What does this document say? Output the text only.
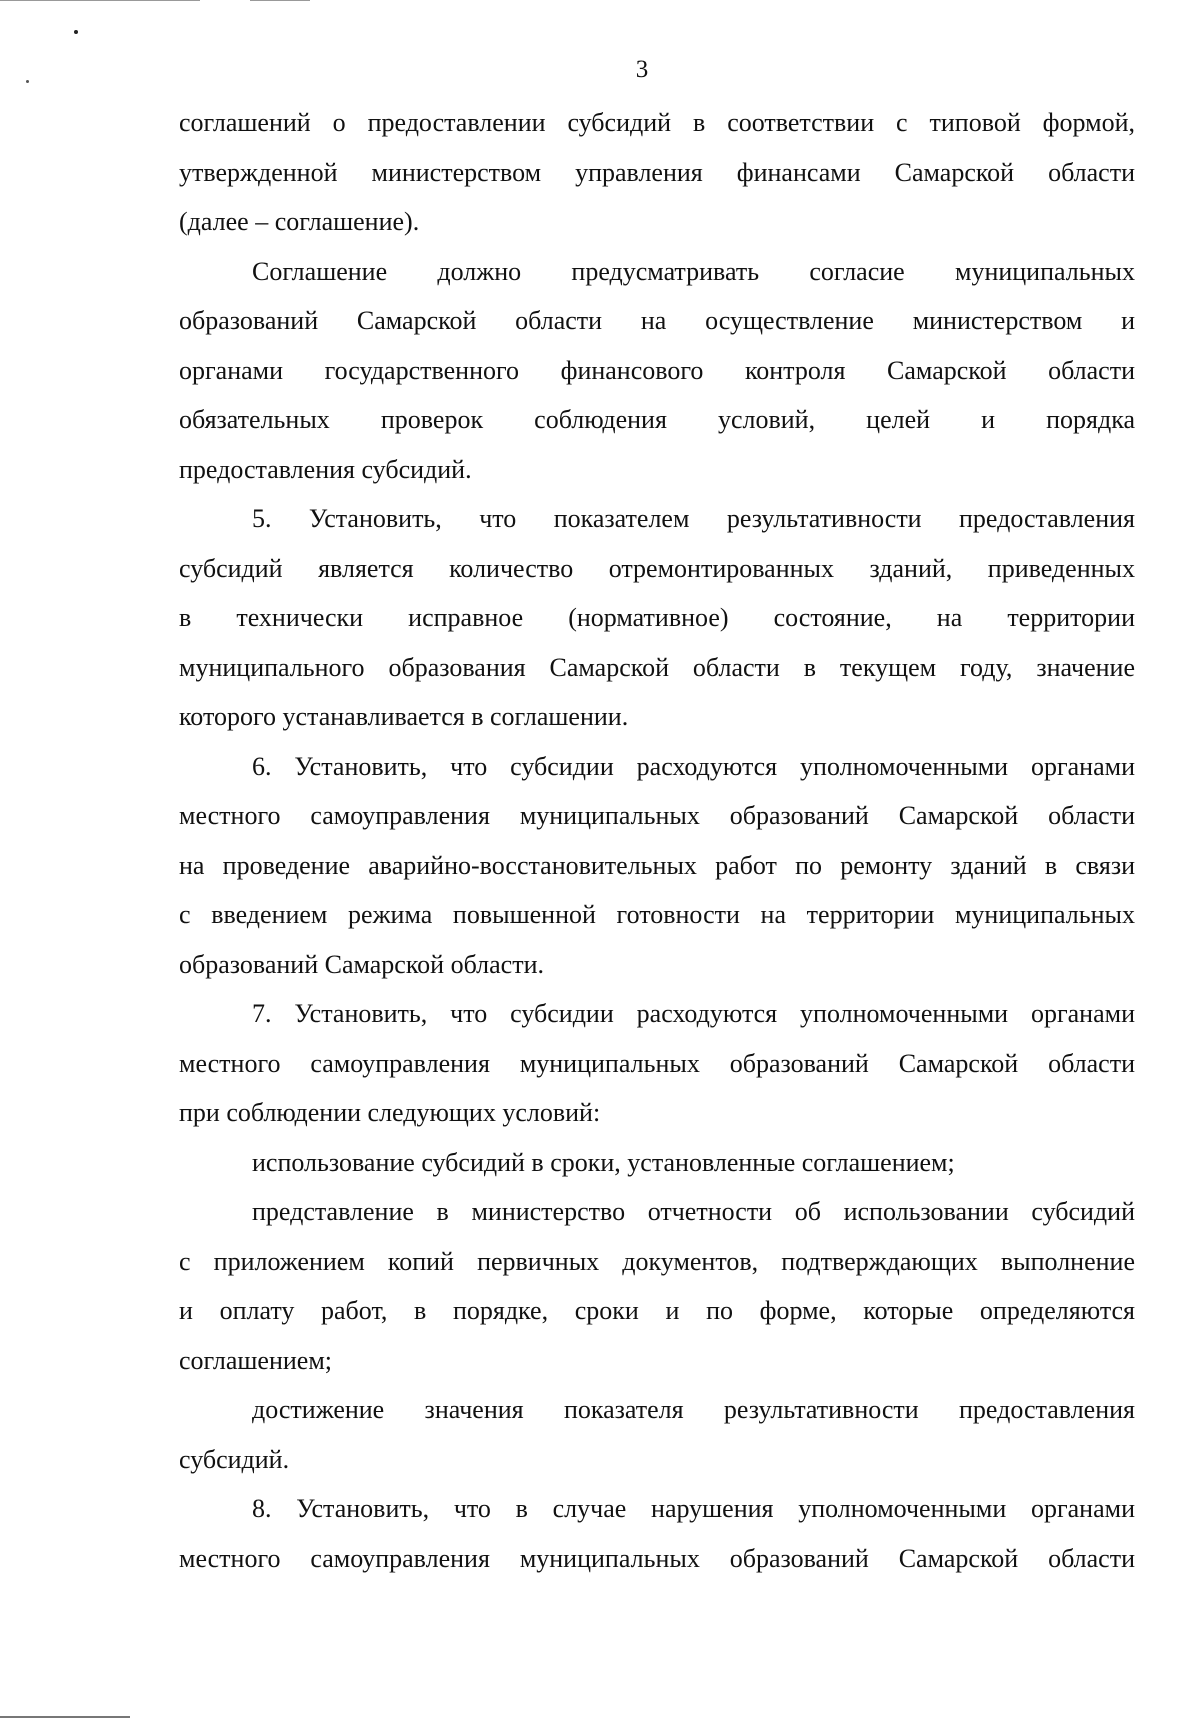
3

соглашений о предоставлении субсидий в соответствии с типовой формой,
утвержденной министерством управления финансами Самарской области
(далее – соглашение).

Соглашение должно предусматривать согласие муниципальных
образований Самарской области на осуществление министерством и
органами государственного финансового контроля Самарской области
обязательных проверок соблюдения условий, целей и порядка
предоставления субсидий.

5. Установить, что показателем результативности предоставления
субсидий является количество отремонтированных зданий, приведенных
в технически исправное (нормативное) состояние, на территории
муниципального образования Самарской области в текущем году, значение
которого устанавливается в соглашении.

6. Установить, что субсидии расходуются уполномоченными органами
местного самоуправления муниципальных образований Самарской области
на проведение аварийно-восстановительных работ по ремонту зданий в связи
с введением режима повышенной готовности на территории муниципальных
образований Самарской области.

7. Установить, что субсидии расходуются уполномоченными органами
местного самоуправления муниципальных образований Самарской области
при соблюдении следующих условий:

использование субсидий в сроки, установленные соглашением;

представление в министерство отчетности об использовании субсидий
с приложением копий первичных документов, подтверждающих выполнение
и оплату работ, в порядке, сроки и по форме, которые определяются
соглашением;

достижение значения показателя результативности предоставления
субсидий.

8. Установить, что в случае нарушения уполномоченными органами
местного самоуправления муниципальных образований Самарской области
